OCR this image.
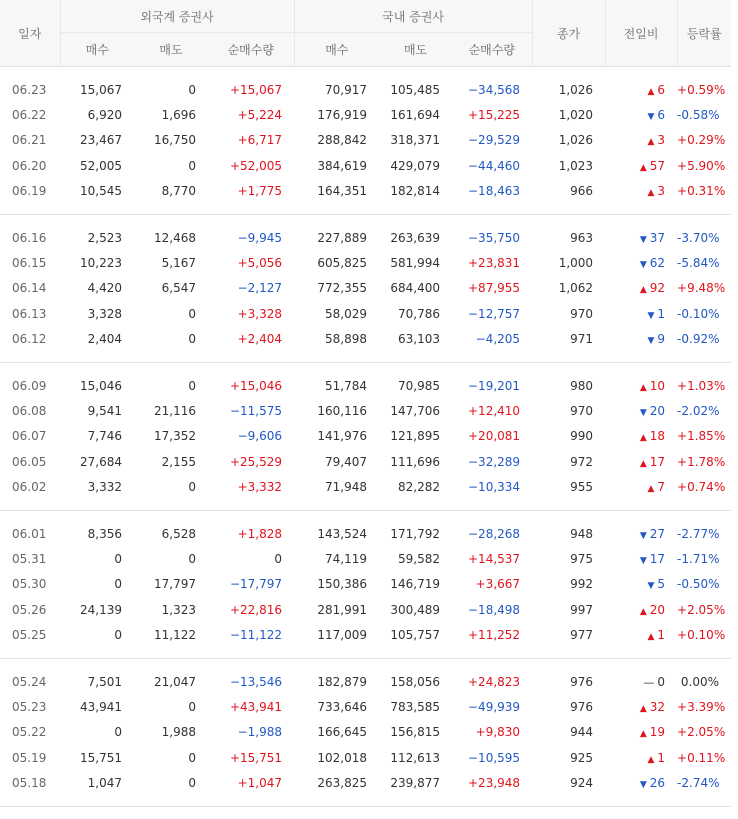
일자	외국계 증권사			국내 증권사			종가	전일비	등락률
	매수	매도	순매수량	매수	매도	순매수량			
06.23	15,067	0	+15,067	70,917	105,485	−34,568	1,026	▲ 6	+0.59%
06.22	6,920	1,696	+5,224	176,919	161,694	+15,225	1,020	▼ 6	-0.58%
06.21	23,467	16,750	+6,717	288,842	318,371	−29,529	1,026	▲ 3	+0.29%
06.20	52,005	0	+52,005	384,619	429,079	−44,460	1,023	▲ 57	+5.90%
06.19	10,545	8,770	+1,775	164,351	182,814	−18,463	966	▲ 3	+0.31%
06.16	2,523	12,468	−9,945	227,889	263,639	−35,750	963	▼ 37	-3.70%
06.15	10,223	5,167	+5,056	605,825	581,994	+23,831	1,000	▼ 62	-5.84%
06.14	4,420	6,547	−2,127	772,355	684,400	+87,955	1,062	▲ 92	+9.48%
06.13	3,328	0	+3,328	58,029	70,786	−12,757	970	▼ 1	-0.10%
06.12	2,404	0	+2,404	58,898	63,103	−4,205	971	▼ 9	-0.92%
06.09	15,046	0	+15,046	51,784	70,985	−19,201	980	▲ 10	+1.03%
06.08	9,541	21,116	−11,575	160,116	147,706	+12,410	970	▼ 20	-2.02%
06.07	7,746	17,352	−9,606	141,976	121,895	+20,081	990	▲ 18	+1.85%
06.05	27,684	2,155	+25,529	79,407	111,696	−32,289	972	▲ 17	+1.78%
06.02	3,332	0	+3,332	71,948	82,282	−10,334	955	▲ 7	+0.74%
06.01	8,356	6,528	+1,828	143,524	171,792	−28,268	948	▼ 27	-2.77%
05.31	0	0	0	74,119	59,582	+14,537	975	▼ 17	-1.71%
05.30	0	17,797	−17,797	150,386	146,719	+3,667	992	▼ 5	-0.50%
05.26	24,139	1,323	+22,816	281,991	300,489	−18,498	997	▲ 20	+2.05%
05.25	0	11,122	−11,122	117,009	105,757	+11,252	977	▲ 1	+0.10%
05.24	7,501	21,047	−13,546	182,879	158,056	+24,823	976	— 0	0.00%
05.23	43,941	0	+43,941	733,646	783,585	−49,939	976	▲ 32	+3.39%
05.22	0	1,988	−1,988	166,645	156,815	+9,830	944	▲ 19	+2.05%
05.19	15,751	0	+15,751	102,018	112,613	−10,595	925	▲ 1	+0.11%
05.18	1,047	0	+1,047	263,825	239,877	+23,948	924	▼ 26	-2.74%
